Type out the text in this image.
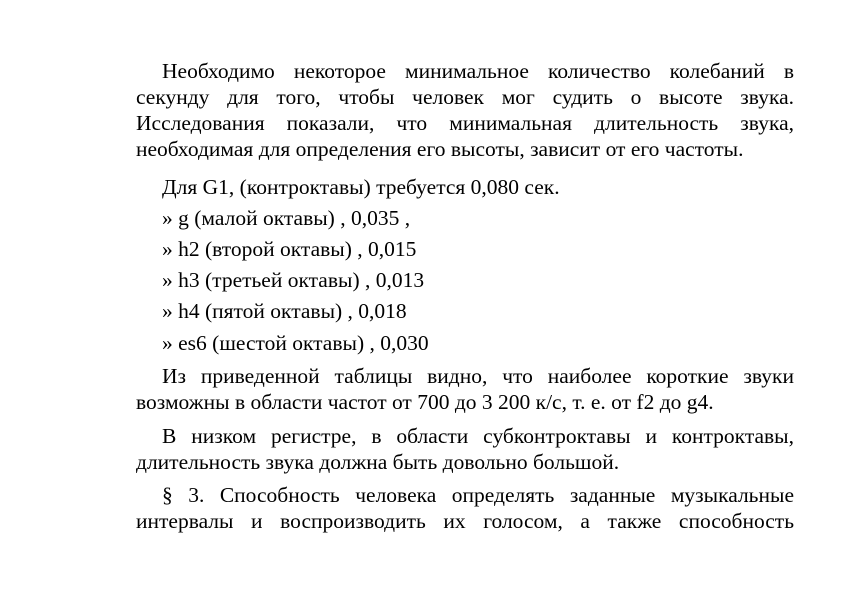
Необходимо некоторое минимальное количество колебаний в секунду для того, чтобы человек мог судить о высоте звука. Исследования показали, что минимальная длительность звука, необходимая для определения его высоты, зависит от его частоты.

Для G1, (контроктавы) требуется 0,080 сек.
» g (малой октавы) , 0,035 ,
» h2 (второй октавы) , 0,015
» h3 (третьей октавы) , 0,013
» h4 (пятой октавы) , 0,018
» es6 (шестой октавы) , 0,030

Из приведенной таблицы видно, что наиболее короткие звуки возможны в области частот от 700 до 3 200 к/с, т. е. от f2 до g4.

В низком регистре, в области субконтроктавы и контроктавы, длительность звука должна быть довольно большой.

§ 3. Способность человека определять заданные музыкальные интервалы и воспроизводить их голосом, а также способность
